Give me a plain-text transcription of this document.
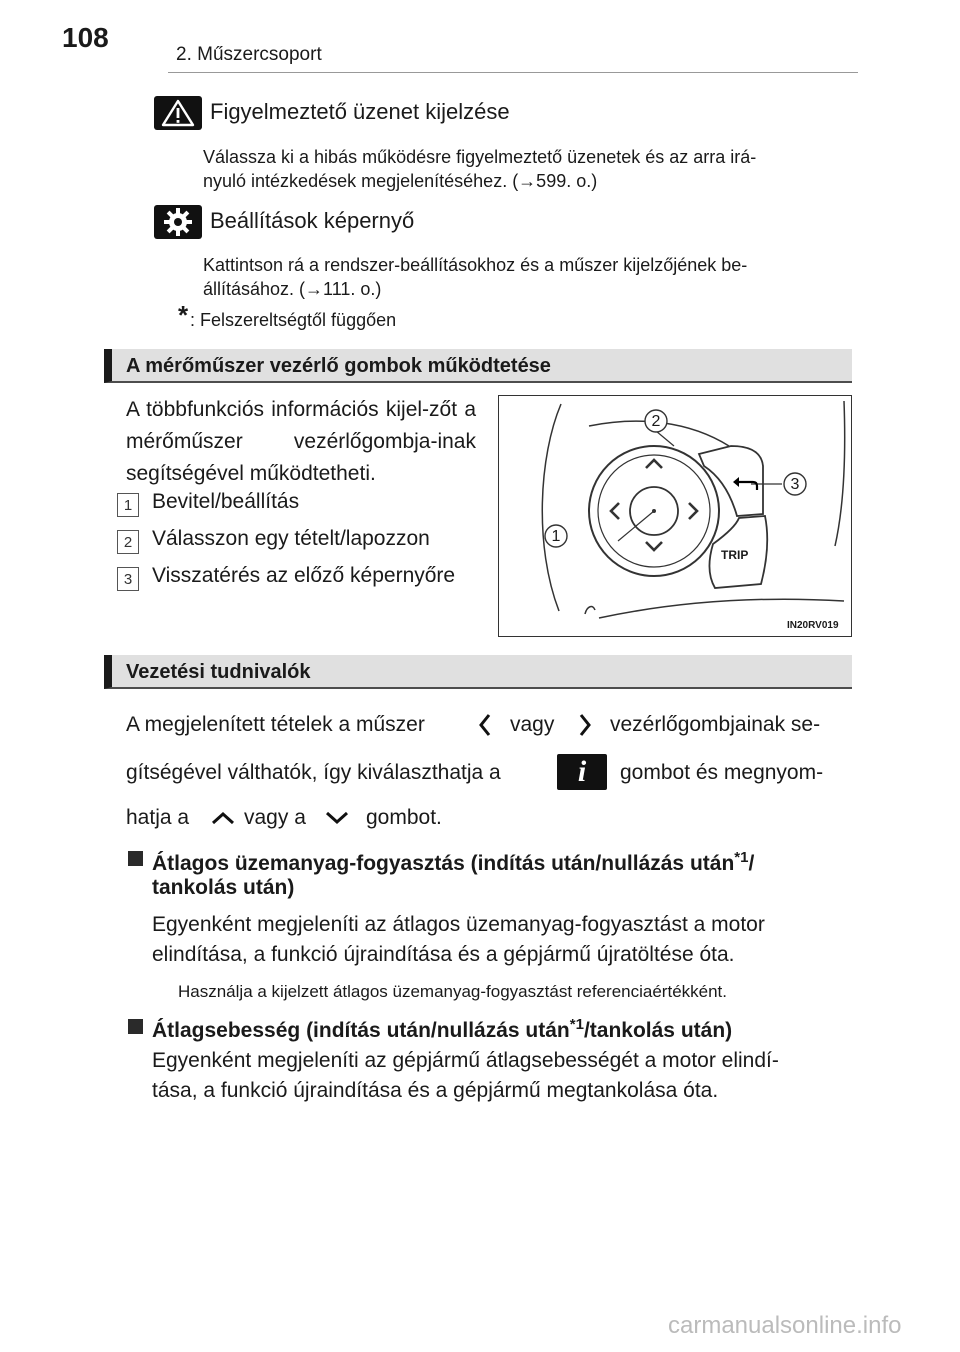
108
2. Műszercsoport
Figyelmeztető üzenet kijelzése
Válassza ki a hibás működésre figyelmeztető üzenetek és az arra irá-
nyuló intézkedések megjelenítéséhez. (→599. o.)
Beállítások képernyő
Kattintson rá a rendszer-beállításokhoz és a műszer kijelzőjének be-
állításához. (→111. o.)
* : Felszereltségtől függően
A mérőműszer vezérlő gombok működtetése
A többfunkciós információs kijel-zőt a mérőműszer vezérlőgombja-inak segítségével működtetheti.
1 Bevitel/beállítás
2 Válasszon egy tételt/lapozzon
3 Visszatérés az előző képernyőre
2
3
1
TRIP
IN20RV019
Vezetési tudnivalók
A megjelenített tételek a műszer	vagy	vezérlőgombjainak se-
gítségével válthatók, így kiválaszthatja a	i gombot és megnyom-
hatja a	vagy a	gombot.
Átlagos üzemanyag-fogyasztás (indítás után/nullázás után$^{*1}$/
tankolás után)
Egyenként megjeleníti az átlagos üzemanyag-fogyasztást a motor
elindítása, a funkció újraindítása és a gépjármű újratöltése óta.
Használja a kijelzett átlagos üzemanyag-fogyasztást referenciaértékként.
Átlagsebesség (indítás után/nullázás után$^{*1}$/tankolás után)
Egyenként megjeleníti az gépjármű átlagsebességét a motor elindí-
tása, a funkció újraindítása és a gépjármű megtankolása óta.
carmanualsonline.info
